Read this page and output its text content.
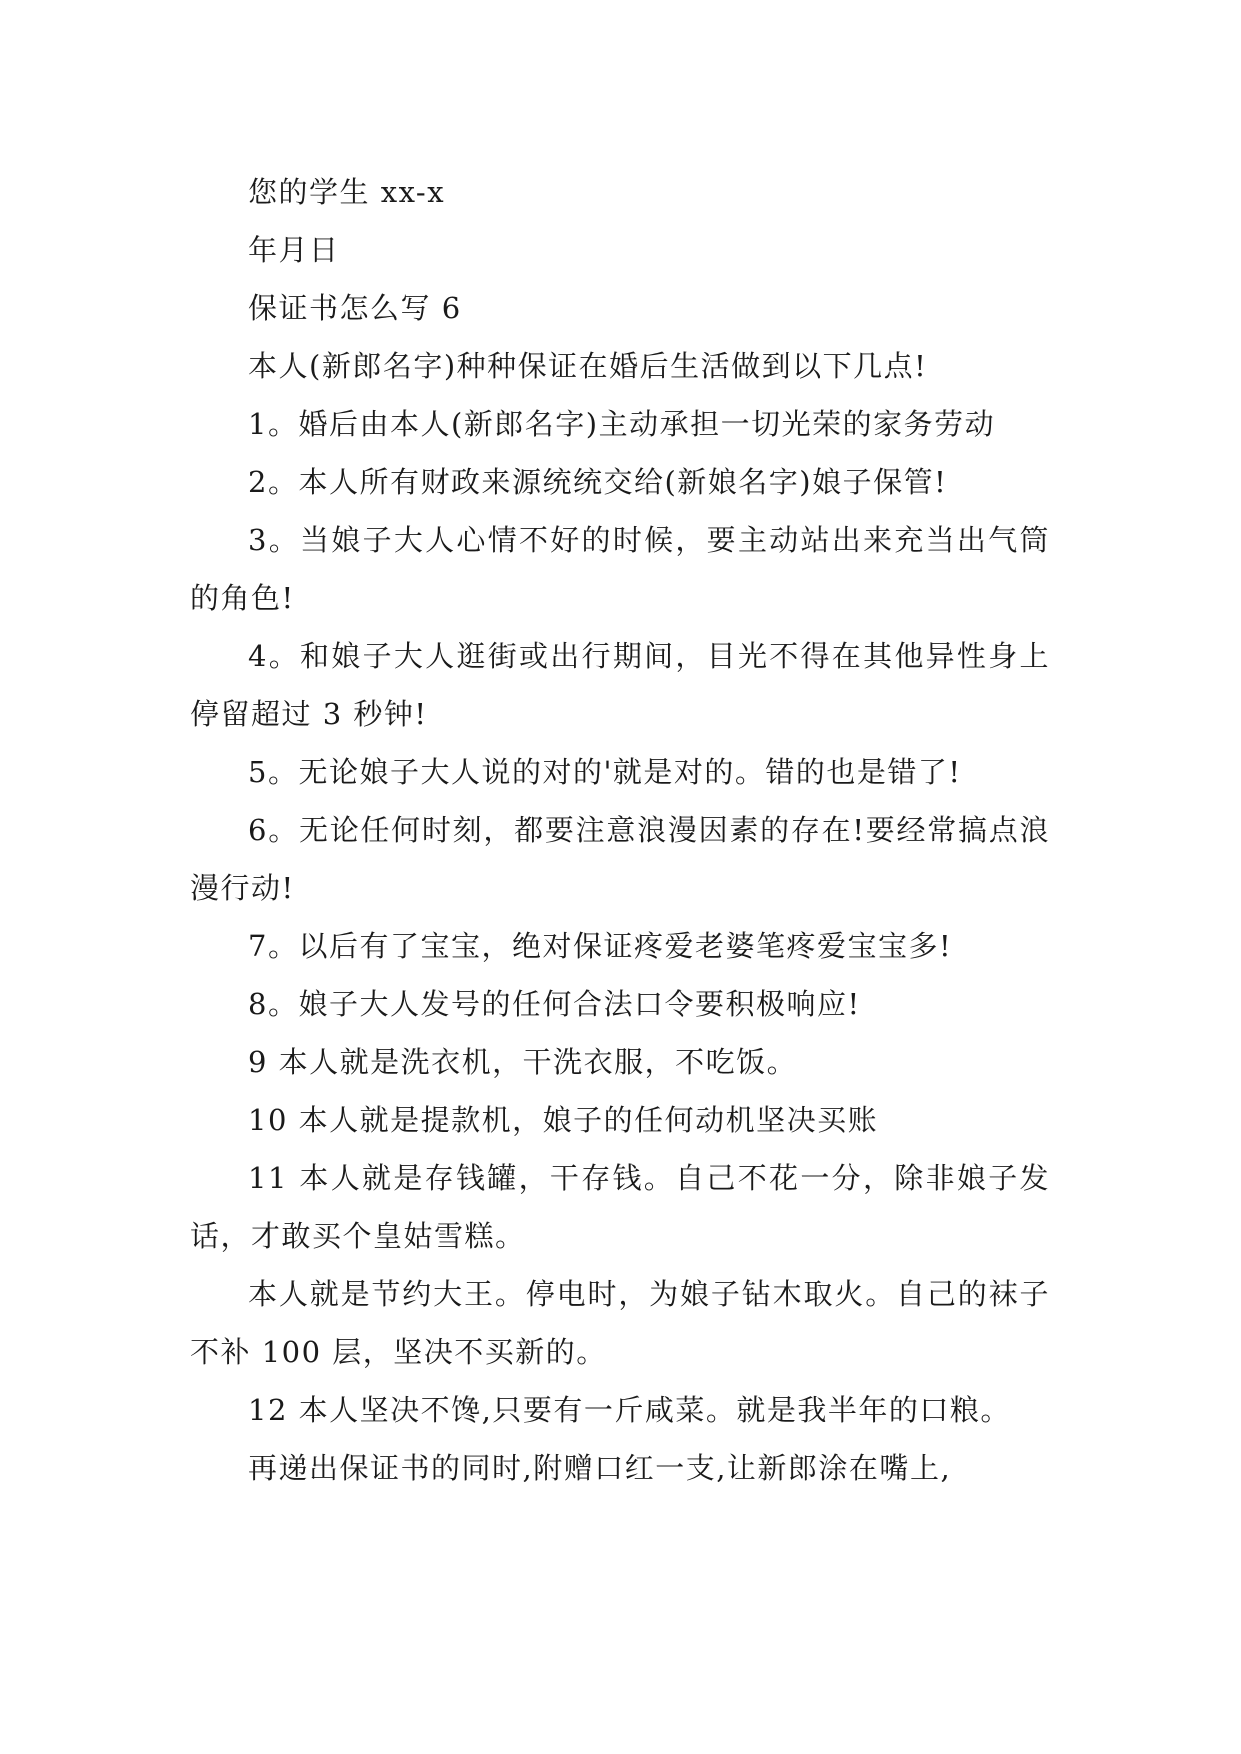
您的学生 xx-x

年月日

保证书怎么写 6

本人(新郎名字)种种保证在婚后生活做到以下几点!

1。婚后由本人(新郎名字)主动承担一切光荣的家务劳动

2。本人所有财政来源统统交给(新娘名字)娘子保管!

3。当娘子大人心情不好的时候，要主动站出来充当出气筒的角色!

4。和娘子大人逛街或出行期间，目光不得在其他异性身上停留超过 3 秒钟!

5。无论娘子大人说的对的'就是对的。错的也是错了!

6。无论任何时刻，都要注意浪漫因素的存在!要经常搞点浪漫行动!

7。以后有了宝宝，绝对保证疼爱老婆笔疼爱宝宝多!

8。娘子大人发号的任何合法口令要积极响应!

9 本人就是洗衣机，干洗衣服，不吃饭。

10 本人就是提款机，娘子的任何动机坚决买账

11 本人就是存钱罐，干存钱。自己不花一分，除非娘子发话，才敢买个皇姑雪糕。

本人就是节约大王。停电时，为娘子钻木取火。自己的袜子不补 100 层，坚决不买新的。

12 本人坚决不馋,只要有一斤咸菜。就是我半年的口粮。

再递出保证书的同时,附赠口红一支,让新郎涂在嘴上,
